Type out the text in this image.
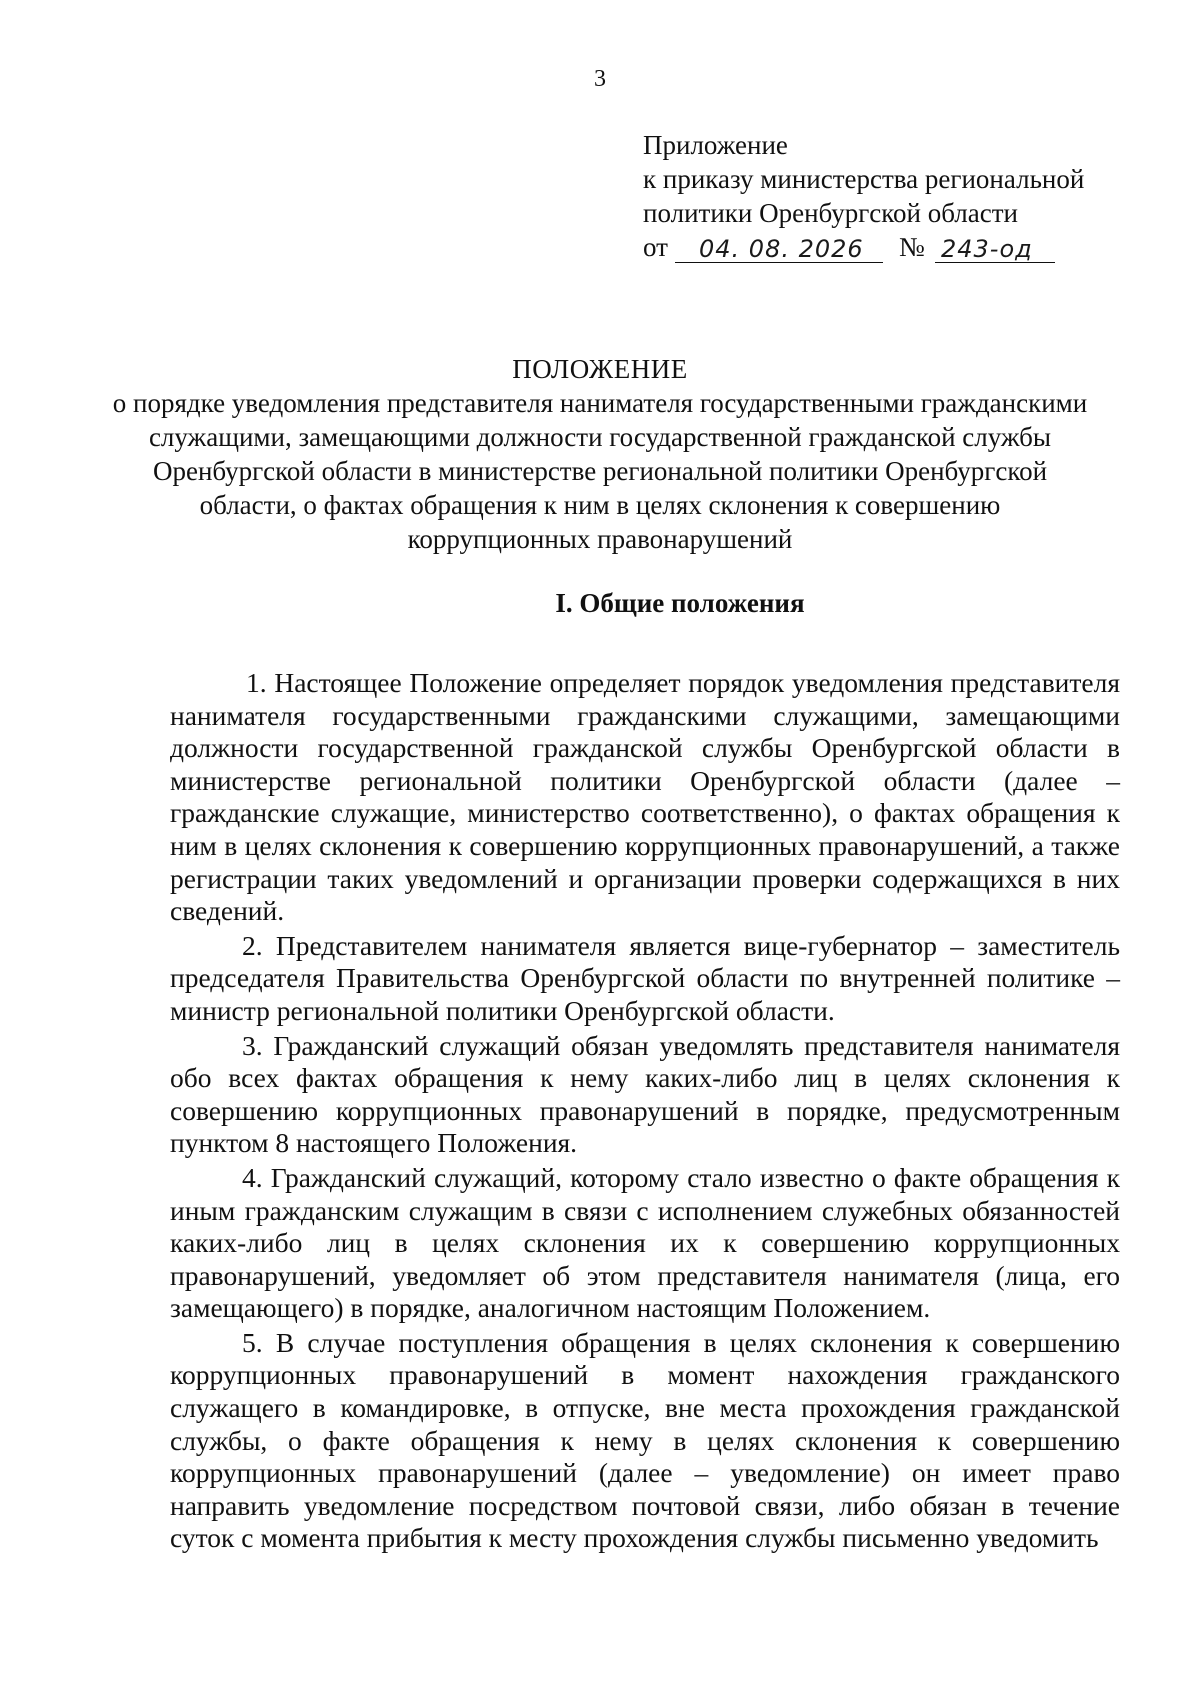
3
Приложение
к приказу министерства региональной
политики Оренбургской области
от 04. 08. 2026 № 243-од
ПОЛОЖЕНИЕ
о порядке уведомления представителя нанимателя государственными гражданскими служащими, замещающими должности государственной гражданской службы Оренбургской области в министерстве региональной политики Оренбургской области, о фактах обращения к ним в целях склонения к совершению коррупционных правонарушений
I. Общие положения

1. Настоящее Положение определяет порядок уведомления представителя нанимателя государственными гражданскими служащими, замещающими должности государственной гражданской службы Оренбургской области в министерстве региональной политики Оренбургской области (далее – гражданские служащие, министерство соответственно), о фактах обращения к ним в целях склонения к совершению коррупционных правонарушений, а также регистрации таких уведомлений и организации проверки содержащихся в них сведений.

2. Представителем нанимателя является вице-губернатор – заместитель председателя Правительства Оренбургской области по внутренней политике – министр региональной политики Оренбургской области.

3. Гражданский служащий обязан уведомлять представителя нанимателя обо всех фактах обращения к нему каких-либо лиц в целях склонения к совершению коррупционных правонарушений в порядке, предусмотренным пунктом 8 настоящего Положения.

4. Гражданский служащий, которому стало известно о факте обращения к иным гражданским служащим в связи с исполнением служебных обязанностей каких-либо лиц в целях склонения их к совершению коррупционных правонарушений, уведомляет об этом представителя нанимателя (лица, его замещающего) в порядке, аналогичном настоящим Положением.

5. В случае поступления обращения в целях склонения к совершению коррупционных правонарушений в момент нахождения гражданского служащего в командировке, в отпуске, вне места прохождения гражданской службы, о факте обращения к нему в целях склонения к совершению коррупционных правонарушений (далее – уведомление) он имеет право направить уведомление посредством почтовой связи, либо обязан в течение суток с момента прибытия к месту прохождения службы письменно уведомить
